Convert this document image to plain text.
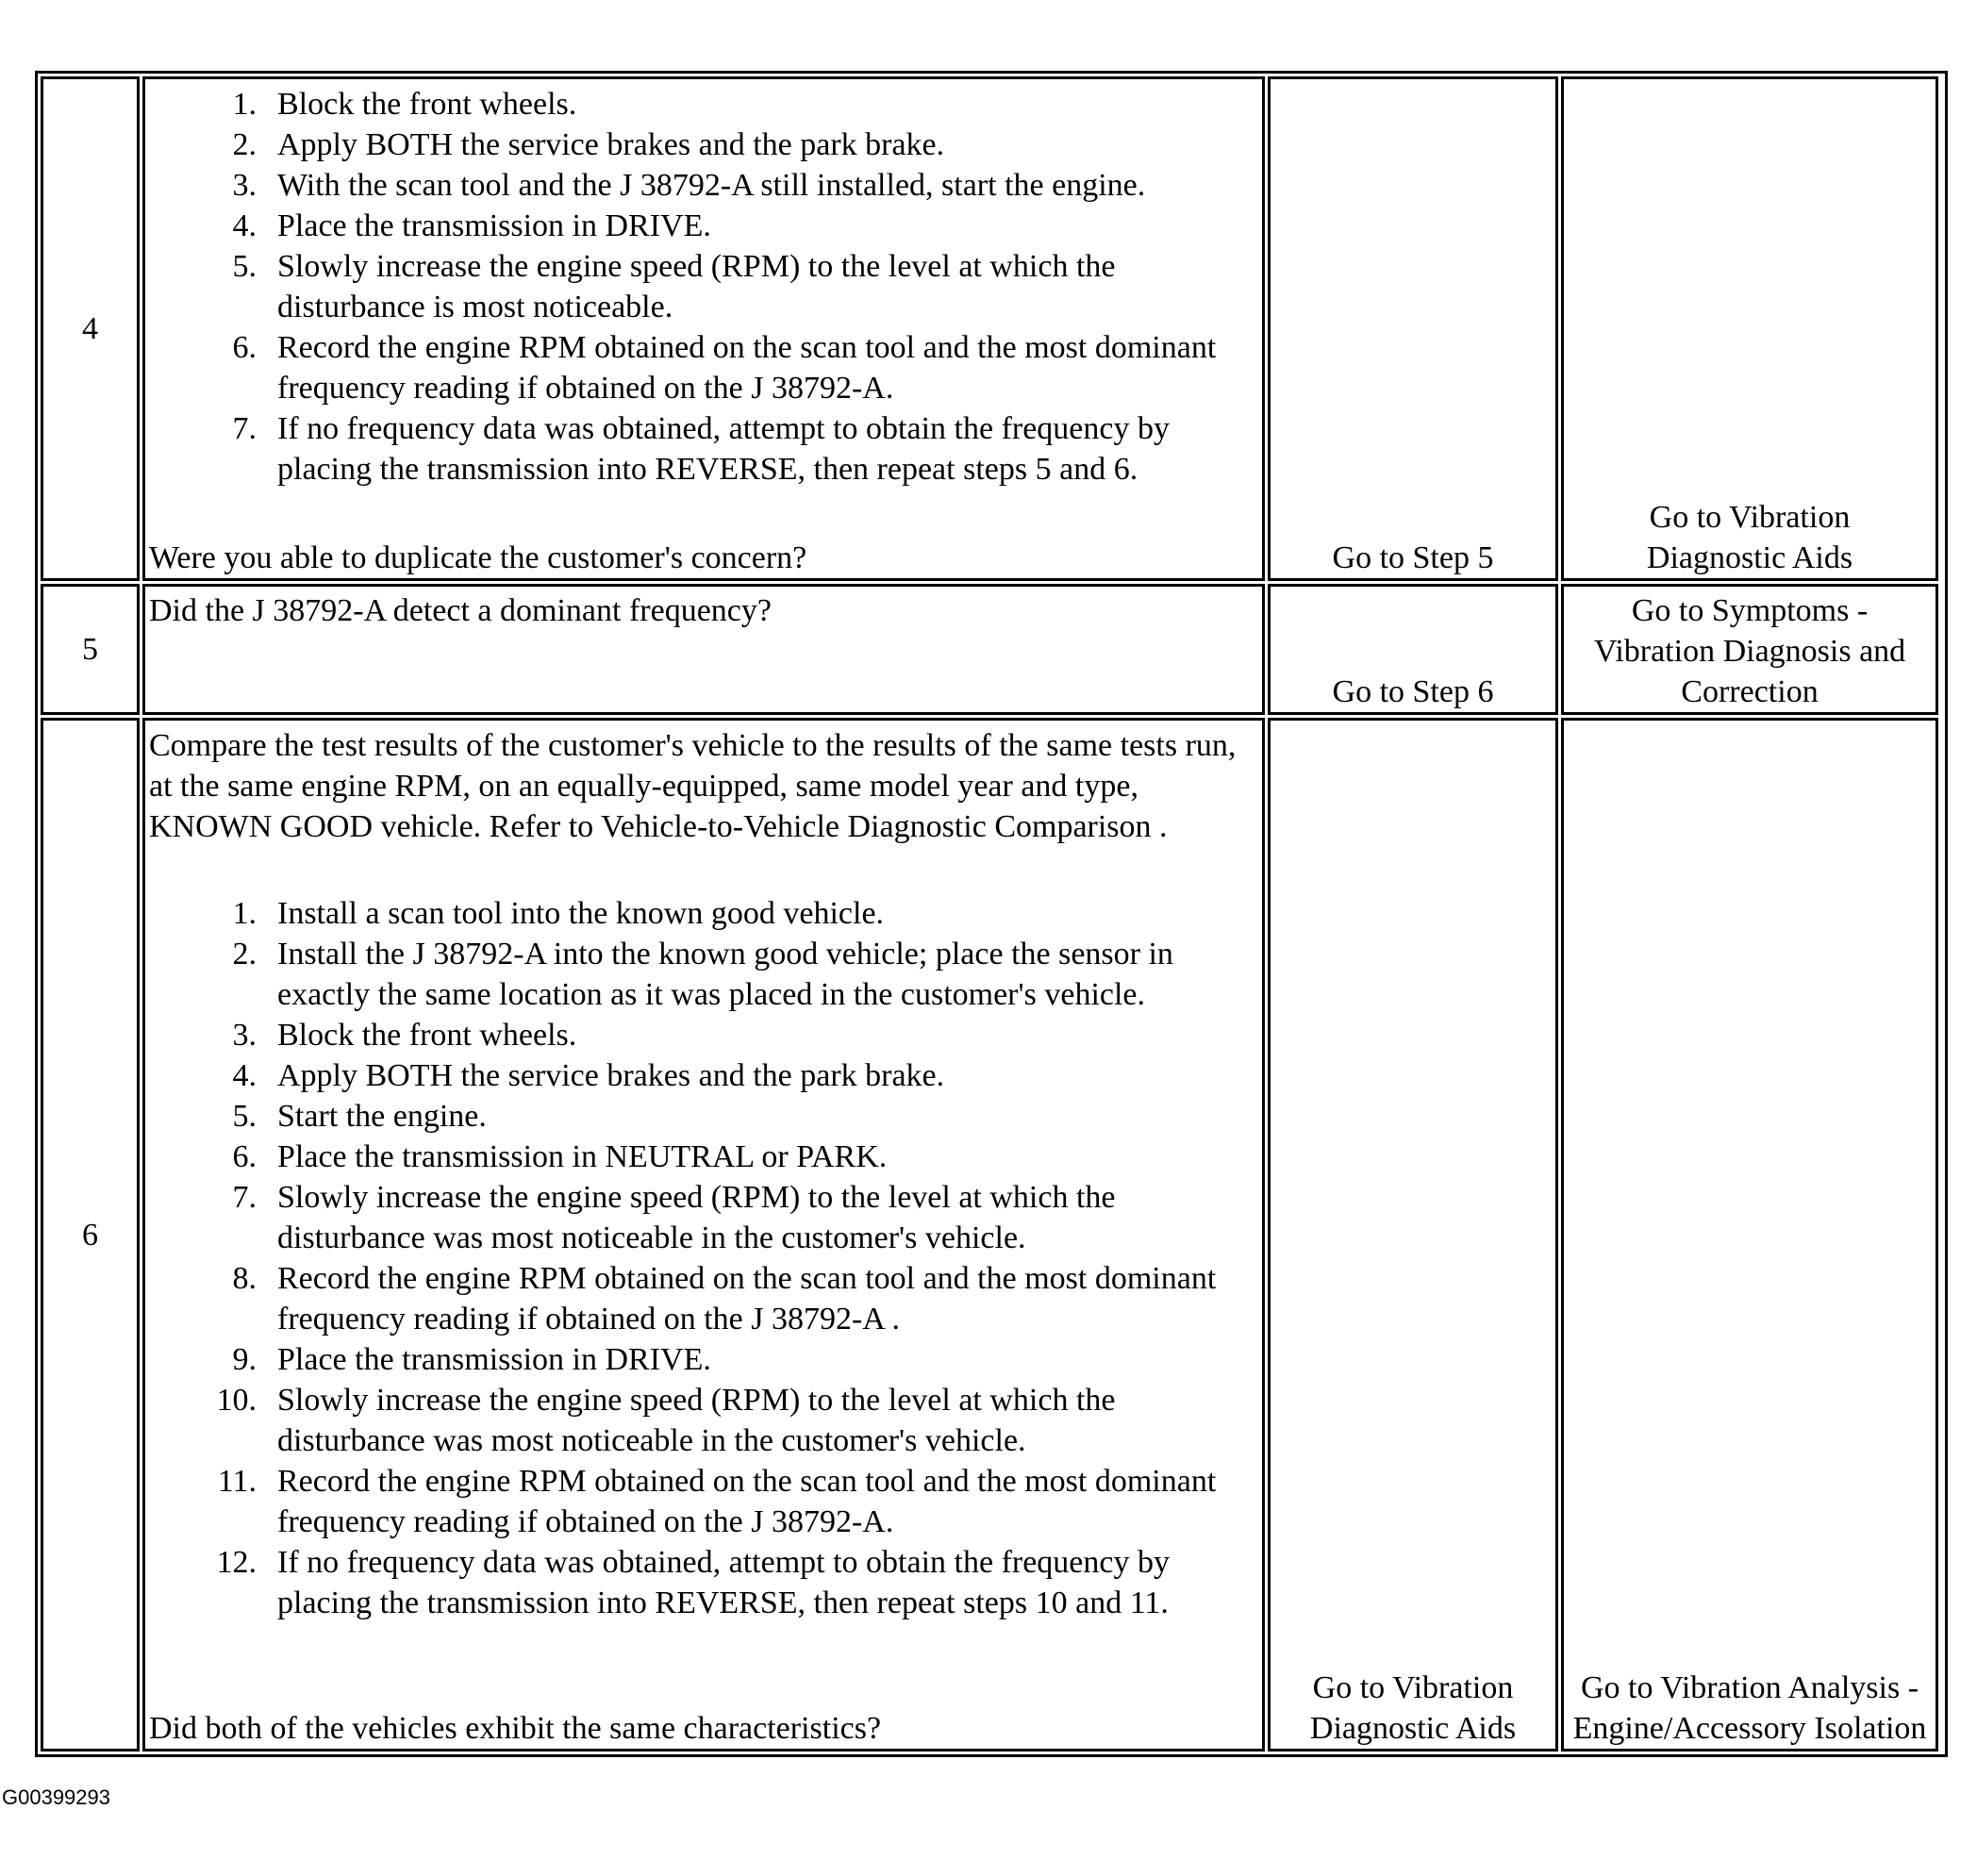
4
1. Block the front wheels.
2. Apply BOTH the service brakes and the park brake.
3. With the scan tool and the J 38792-A still installed, start the engine.
4. Place the transmission in DRIVE.
5. Slowly increase the engine speed (RPM) to the level at which the disturbance is most noticeable.
6. Record the engine RPM obtained on the scan tool and the most dominant frequency reading if obtained on the J 38792-A.
7. If no frequency data was obtained, attempt to obtain the frequency by placing the transmission into REVERSE, then repeat steps 5 and 6.
Were you able to duplicate the customer's concern?	Go to Step 5
Go to Vibration Diagnostic Aids
5
Did the J 38792-A detect a dominant frequency?
Go to Step 6
Go to Symptoms - Vibration Diagnosis and Correction
6

Compare the test results of the customer's vehicle to the results of the same tests run, at the same engine RPM, on an equally-equipped, same model year and type, KNOWN GOOD vehicle. Refer to Vehicle-to-Vehicle Diagnostic Comparison .

1. Install a scan tool into the known good vehicle.
2. Install the J 38792-A into the known good vehicle; place the sensor in exactly the same location as it was placed in the customer's vehicle.
3. Block the front wheels.
4. Apply BOTH the service brakes and the park brake.
5. Start the engine.
6. Place the transmission in NEUTRAL or PARK.
7. Slowly increase the engine speed (RPM) to the level at which the disturbance was most noticeable in the customer's vehicle.
8. Record the engine RPM obtained on the scan tool and the most dominant frequency reading if obtained on the J 38792-A .
9. Place the transmission in DRIVE.
10. Slowly increase the engine speed (RPM) to the level at which the disturbance was most noticeable in the customer's vehicle.
11. Record the engine RPM obtained on the scan tool and the most dominant frequency reading if obtained on the J 38792-A.
12. If no frequency data was obtained, attempt to obtain the frequency by placing the transmission into REVERSE, then repeat steps 10 and 11.
Did both of the vehicles exhibit the same characteristics?
Go to Vibration Diagnostic Aids
Go to Vibration Analysis - Engine/Accessory Isolation
G00399293
